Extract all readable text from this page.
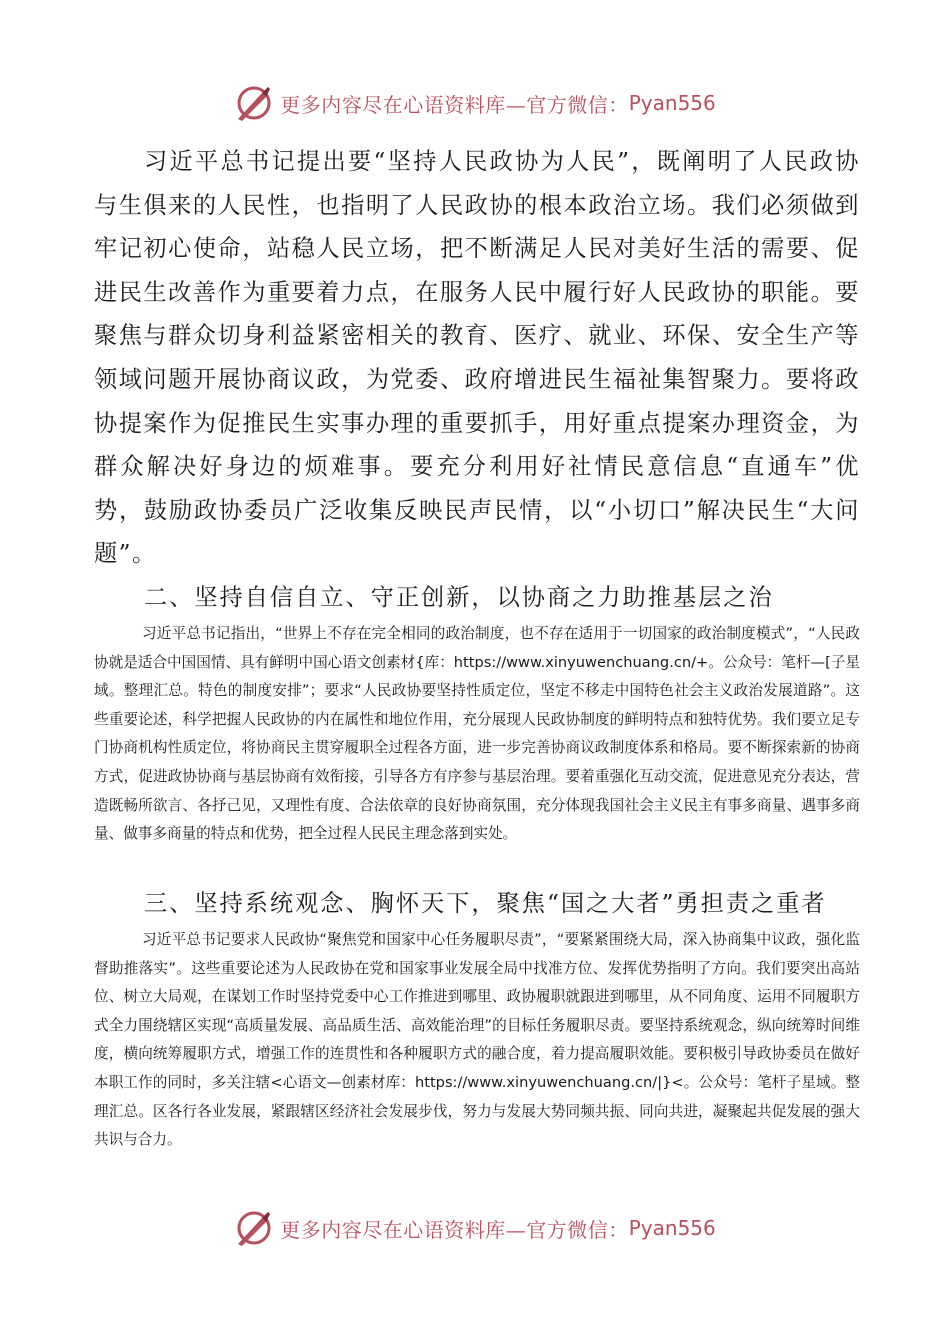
更多内容尽在心语资料库—官方微信： Pyan556

习近平总书记提出要“坚持人民政协为人民”，既阐明了人民政协与生俱来的人民性，也指明了人民政协的根本政治立场。我们必须做到牢记初心使命，站稳人民立场，把不断满足人民对美好生活的需要、促进民生改善作为重要着力点，在服务人民中履行好人民政协的职能。要聚焦与群众切身利益紧密相关的教育、医疗、就业、环保、安全生产等领域问题开展协商议政，为党委、政府增进民生福祉集智聚力。要将政协提案作为促推民生实事办理的重要抓手，用好重点提案办理资金，为群众解决好身边的烦难事。要充分利用好社情民意信息“直通车”优势，鼓励政协委员广泛收集反映民声民情，以“小切口”解决民生“大问题”。

二、坚持自信自立、守正创新，以协商之力助推基层之治

习近平总书记指出，“世界上不存在完全相同的政治制度，也不存在适用于一切国家的政治制度模式”，“人民政协就是适合中国国情、具有鲜明中国心语文创素材{库：https://www.xinyuwenchuang.cn/+。公众号：笔杆—[子星域。整理汇总。特色的制度安排”；要求“人民政协要坚持性质定位，坚定不移走中国特色社会主义政治发展道路”。这些重要论述，科学把握人民政协的内在属性和地位作用，充分展现人民政协制度的鲜明特点和独特优势。我们要立足专门协商机构性质定位，将协商民主贯穿履职全过程各方面，进一步完善协商议政制度体系和格局。要不断探索新的协商方式，促进政协协商与基层协商有效衔接，引导各方有序参与基层治理。要着重强化互动交流，促进意见充分表达，营造既畅所欲言、各抒己见，又理性有度、合法依章的良好协商氛围，充分体现我国社会主义民主有事多商量、遇事多商量、做事多商量的特点和优势，把全过程人民民主理念落到实处。

三、坚持系统观念、胸怀天下，聚焦“国之大者”勇担责之重者

习近平总书记要求人民政协“聚焦党和国家中心任务履职尽责”，“要紧紧围绕大局，深入协商集中议政，强化监督助推落实”。这些重要论述为人民政协在党和国家事业发展全局中找准方位、发挥优势指明了方向。我们要突出高站位、树立大局观，在谋划工作时坚持党委中心工作推进到哪里、政协履职就跟进到哪里，从不同角度、运用不同履职方式全力围绕辖区实现“高质量发展、高品质生活、高效能治理”的目标任务履职尽责。要坚持系统观念，纵向统筹时间维度，横向统筹履职方式，增强工作的连贯性和各种履职方式的融合度，着力提高履职效能。要积极引导政协委员在做好本职工作的同时，多关注辖<心语文—创素材库：https://www.xinyuwenchuang.cn/|}<。公众号：笔杆子星域。整理汇总。区各行各业发展，紧跟辖区经济社会发展步伐，努力与发展大势同频共振、同向共进，凝聚起共促发展的强大共识与合力。

更多内容尽在心语资料库—官方微信： Pyan556
